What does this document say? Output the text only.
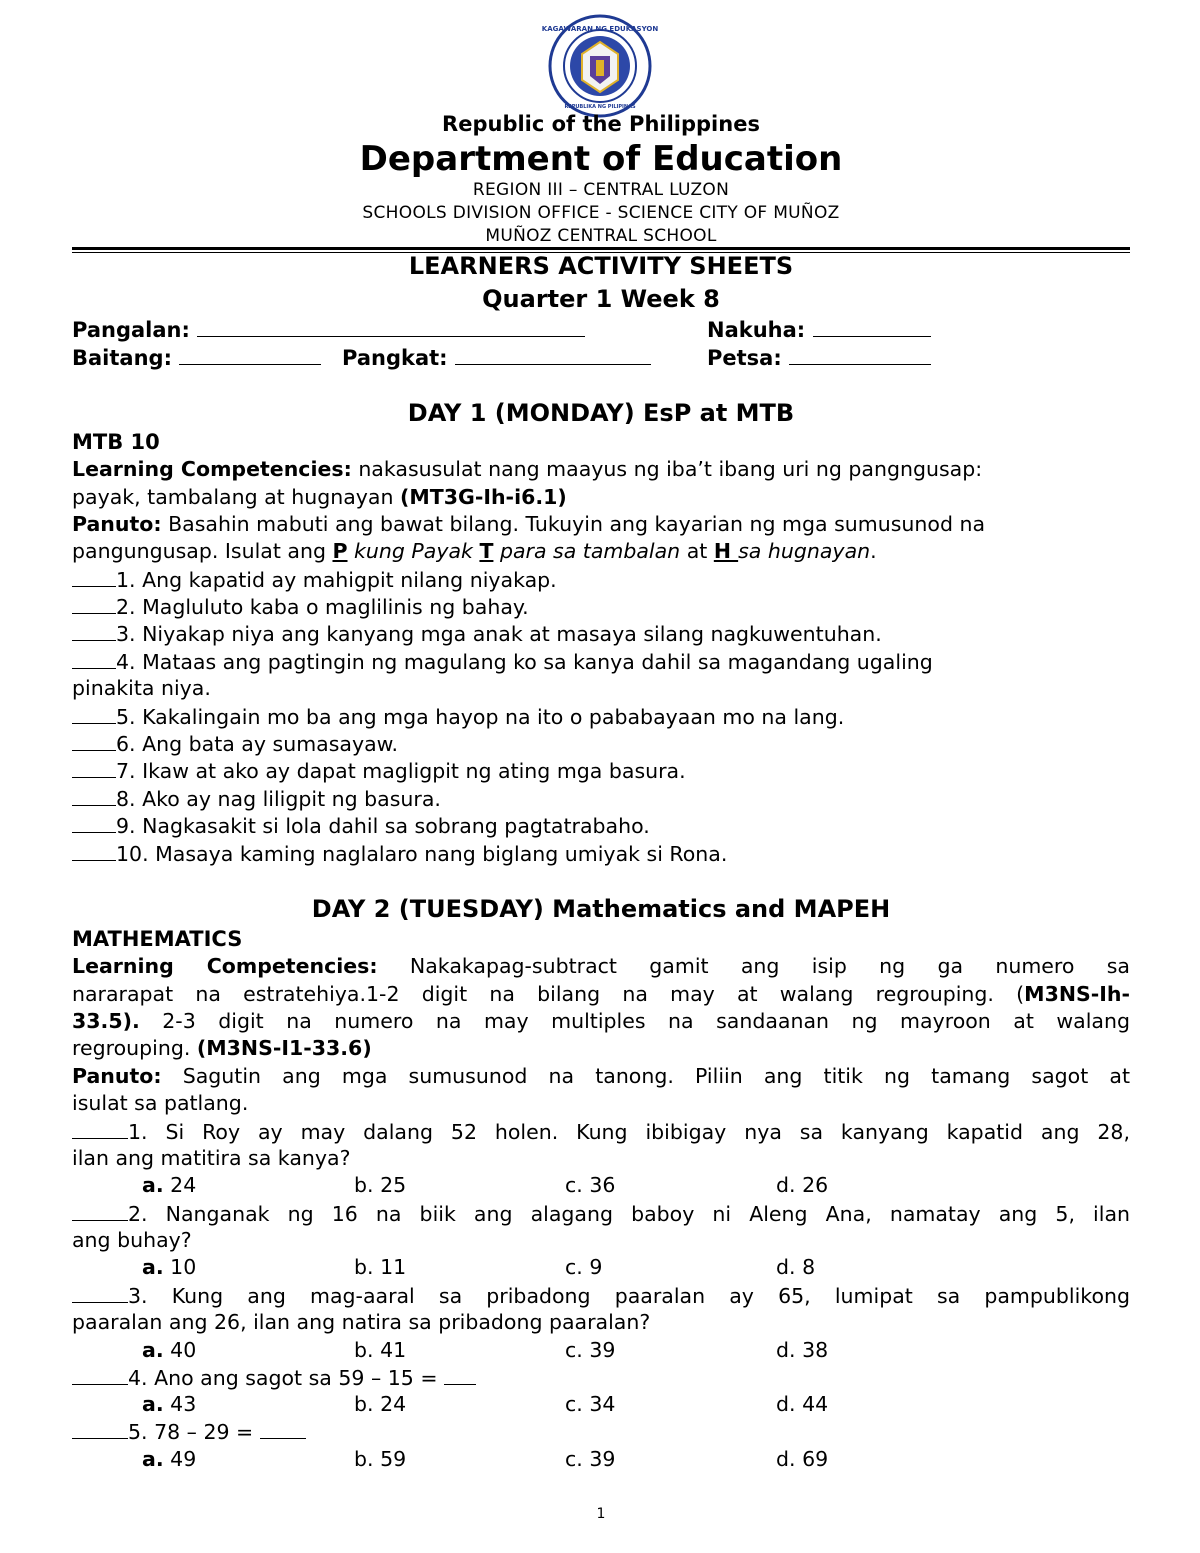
KAGAWARAN NG EDUKASYON
REPUBLIKA NG PILIPINAS
Republic of the Philippines
Department of Education
REGION III – CENTRAL LUZON
SCHOOLS DIVISION OFFICE - SCIENCE CITY OF MUÑOZ
MUÑOZ CENTRAL SCHOOL
LEARNERS ACTIVITY SHEETS
Quarter 1 Week 8
Pangalan:	Nakuha:
Baitang:	Pangkat:	Petsa:
DAY 1 (MONDAY) EsP at MTB
MTB 10
Learning Competencies: nakasusulat nang maayus ng iba’t ibang uri ng pangngusap:
payak, tambalang at hugnayan (MT3G-Ih-i6.1)
Panuto: Basahin mabuti ang bawat bilang. Tukuyin ang kayarian ng mga sumusunod na
pangungusap. Isulat ang P kung Payak T para sa tambalan at H sa hugnayan.
1. Ang kapatid ay mahigpit nilang niyakap.
2. Magluluto kaba o maglilinis ng bahay.
3. Niyakap niya ang kanyang mga anak at masaya silang nagkuwentuhan.
4. Mataas ang pagtingin ng magulang ko sa kanya dahil sa magandang ugaling
pinakita niya.
5. Kakalingain mo ba ang mga hayop na ito o pababayaan mo na lang.
6. Ang bata ay sumasayaw.
7. Ikaw at ako ay dapat magligpit ng ating mga basura.
8. Ako ay nag liligpit ng basura.
9. Nagkasakit si lola dahil sa sobrang pagtatrabaho.
10. Masaya kaming naglalaro nang biglang umiyak si Rona.
DAY 2 (TUESDAY) Mathematics and MAPEH
MATHEMATICS
Learning Competencies: Nakakapag-subtract gamit ang isip ng ga numero sa
nararapat na estratehiya.1-2 digit na bilang na may at walang regrouping. (M3NS-Ih-
33.5). 2-3 digit na numero na may multiples na sandaanan ng mayroon at walang
regrouping. (M3NS-I1-33.6)
Panuto: Sagutin ang mga sumusunod na tanong. Piliin ang titik ng tamang sagot at
isulat sa patlang.
1. Si Roy ay may dalang 52 holen. Kung ibibigay nya sa kanyang kapatid ang 28,
ilan ang matitira sa kanya?
a. 24	b. 25	c. 36	d. 26
2. Nanganak ng 16 na biik ang alagang baboy ni Aleng Ana, namatay ang 5, ilan
ang buhay?
a. 10	b. 11	c. 9	d. 8
3. Kung ang mag-aaral sa pribadong paaralan ay 65, lumipat sa pampublikong
paaralan ang 26, ilan ang natira sa pribadong paaralan?
a. 40	b. 41	c. 39	d. 38
4. Ano ang sagot sa 59 – 15 =
a. 43	b. 24	c. 34	d. 44
5. 78 – 29 =
a. 49	b. 59	c. 39	d. 69
1
